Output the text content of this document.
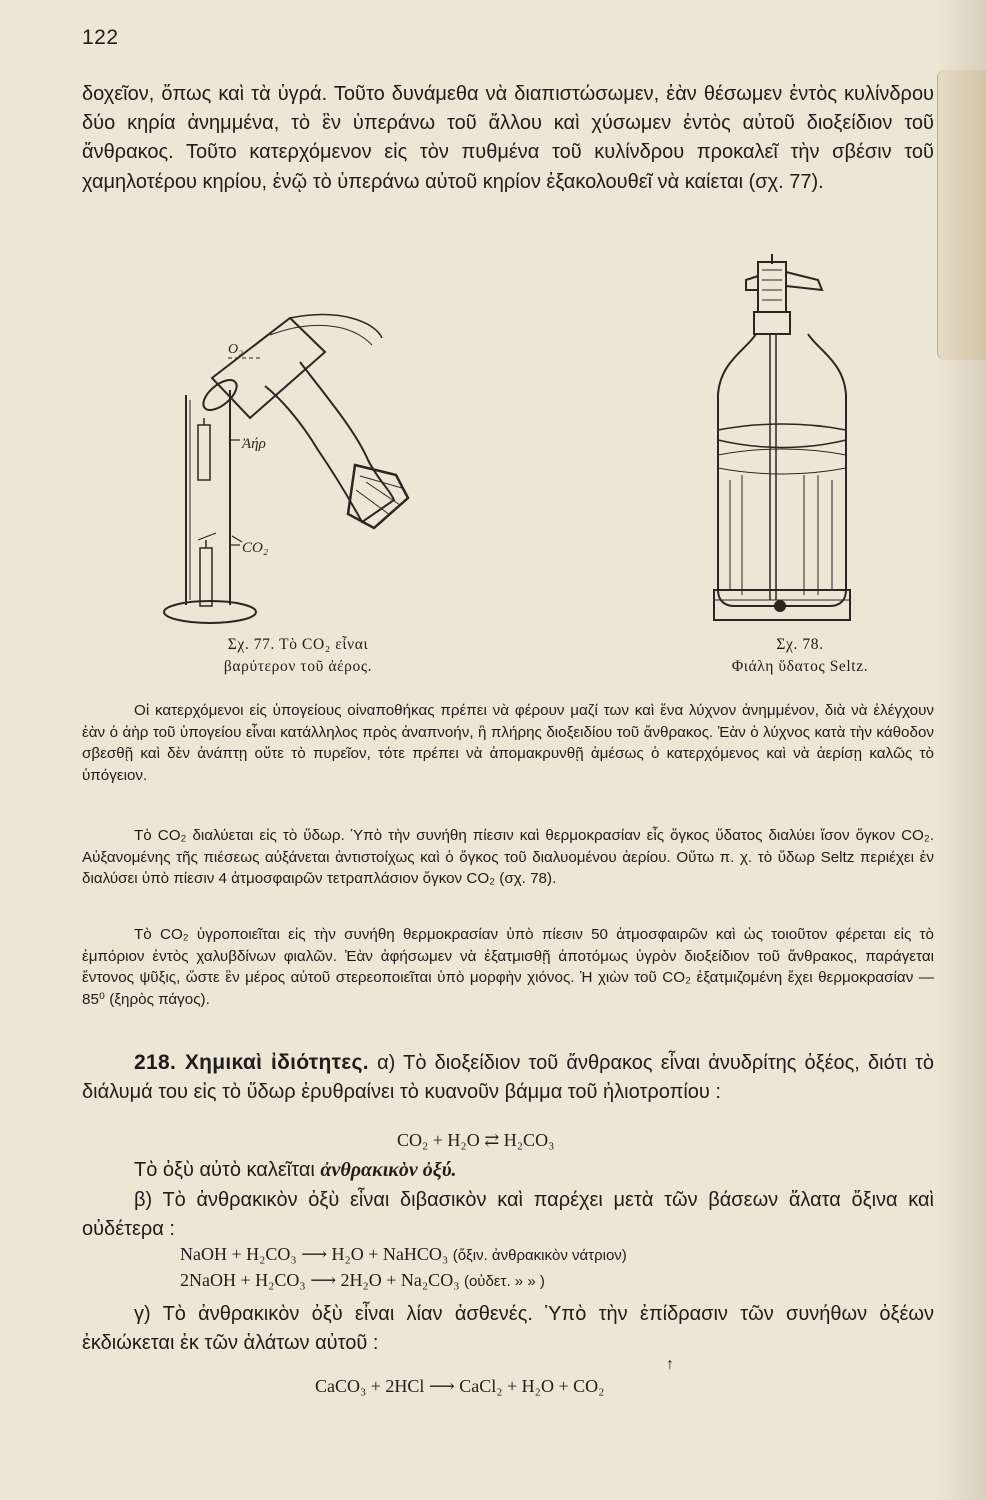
122

δοχεῖον, ὅπως καὶ τὰ ὑγρά. Τοῦτο δυνάμεθα νὰ διαπιστώσωμεν, ἐὰν θέσωμεν ἐντὸς κυλίνδρου δύο κηρία ἀνημμένα, τὸ ἓν ὑπεράνω τοῦ ἄλλου καὶ χύσωμεν ἐντὸς αὐτοῦ διοξείδιον τοῦ ἄνθρακος. Τοῦτο κατερχόμενον εἰς τὸν πυθμένα τοῦ κυλίνδρου προκαλεῖ τὴν σβέσιν τοῦ χαμηλοτέρου κηρίου, ἐνῷ τὸ ὑπεράνω αὐτοῦ κηρίον ἐξακολουθεῖ νὰ καίεται (σχ. 77).

Ο₂
Ἀήρ
CO₂
Σχ. 77. Τὸ CO₂ εἶναι
βαρύτερον τοῦ ἀέρος.
Σχ. 78.
Φιάλη ὕδατος Seltz.

Οἱ κατερχόμενοι εἰς ὑπογείους οἰναποθήκας πρέπει νὰ φέρουν μαζί των καὶ ἕνα λύχνον ἀνημμένον, διὰ νὰ ἐλέγχουν ἐὰν ὁ ἀὴρ τοῦ ὑπογείου εἶναι κατάλληλος πρὸς ἀναπνοήν, ἢ πλήρης διοξειδίου τοῦ ἄνθρακος. Ἐὰν ὁ λύχνος κατὰ τὴν κάθοδον σβεσθῇ καὶ δὲν ἀνάπτῃ οὔτε τὸ πυρεῖον, τότε πρέπει νὰ ἀπομακρυνθῇ ἀμέσως ὁ κατερχόμενος καὶ νὰ ἀερίσῃ καλῶς τὸ ὑπόγειον.

Τὸ CO₂ διαλύεται εἰς τὸ ὕδωρ. Ὑπὸ τὴν συνήθη πίεσιν καὶ θερμοκρασίαν εἷς ὄγκος ὕδατος διαλύει ἴσον ὄγκον CO₂. Αὐξανομένης τῆς πιέσεως αὐξάνεται ἀντιστοίχως καὶ ὁ ὄγκος τοῦ διαλυομένου ἀερίου. Οὕτω π. χ. τὸ ὕδωρ Seltz περιέχει ἐν διαλύσει ὑπὸ πίεσιν 4 ἀτμοσφαιρῶν τετραπλάσιον ὄγκον CO₂ (σχ. 78).

Τὸ CO₂ ὑγροποιεῖται εἰς τὴν συνήθη θερμοκρασίαν ὑπὸ πίεσιν 50 ἀτμοσφαιρῶν καὶ ὡς τοιοῦτον φέρεται εἰς τὸ ἐμπόριον ἐντὸς χαλυβδίνων φιαλῶν. Ἐὰν ἀφήσωμεν νὰ ἐξατμισθῇ ἀποτόμως ὑγρὸν διοξείδιον τοῦ ἄνθρακος, παράγεται ἔντονος ψῦξις, ὥστε ἓν μέρος αὐτοῦ στερεοποιεῖται ὑπὸ μορφὴν χιόνος. Ἡ χιὼν τοῦ CO₂ ἐξατμιζομένη ἔχει θερμοκρασίαν — 85⁰ (ξηρὸς πάγος).

218. Χημικαὶ ἰδιότητες. α) Τὸ διοξείδιον τοῦ ἄνθρακος εἶναι ἀνυδρίτης ὀξέος, διότι τὸ διάλυμά του εἰς τὸ ὕδωρ ἐρυθραίνει τὸ κυανοῦν βάμμα τοῦ ἡλιοτροπίου :

CO₂ + H₂O ⇄ H₂CO₃

Τὸ ὀξὺ αὐτὸ καλεῖται ἀνθρακικὸν ὀξύ.

β) Τὸ ἀνθρακικὸν ὀξὺ εἶναι διβασικὸν καὶ παρέχει μετὰ τῶν βάσεων ἅλατα ὄξινα καὶ οὐδέτερα :

NaOH + H₂CO₃ ⟶ H₂O + NaHCO₃ (ὄξιν. ἀνθρακικὸν νάτριον)
2NaOH + H₂CO₃ ⟶ 2H₂O + Na₂CO₃ (οὐδετ. » » )

γ) Τὸ ἀνθρακικὸν ὀξὺ εἶναι λίαν ἀσθενές. Ὑπὸ τὴν ἐπίδρασιν τῶν συνήθων ὀξέων ἐκδιώκεται ἐκ τῶν ἁλάτων αὐτοῦ :

↑
CaCO₃ + 2HCl ⟶ CaCl₂ + H₂O + CO₂
